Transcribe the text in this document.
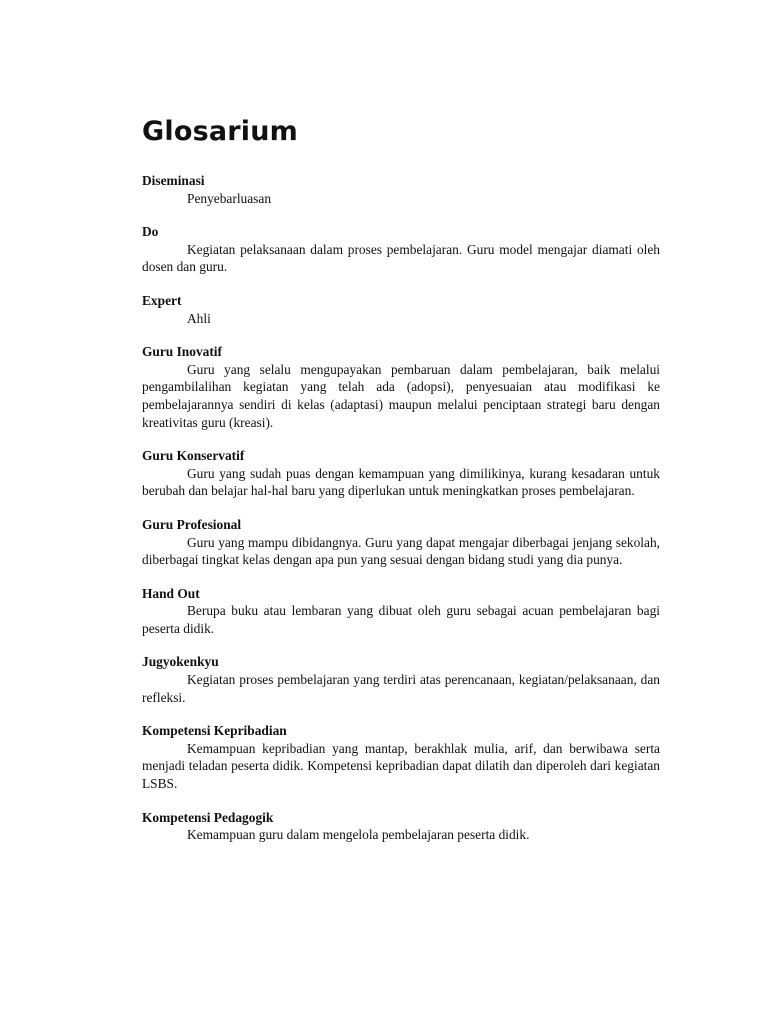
Glosarium

Diseminasi

Penyebarluasan

Do

Kegiatan pelaksanaan dalam proses pembelajaran. Guru model mengajar diamati oleh dosen dan guru.

Expert

Ahli

Guru Inovatif

Guru yang selalu mengupayakan pembaruan dalam pembelajaran, baik melalui pengambilalihan kegiatan yang telah ada (adopsi), penyesuaian atau modifikasi ke pembelajarannya sendiri di kelas (adaptasi) maupun melalui penciptaan strategi baru dengan kreativitas guru (kreasi).

Guru Konservatif

Guru yang sudah puas dengan kemampuan yang dimilikinya, kurang kesadaran untuk berubah dan belajar hal-hal baru yang diperlukan untuk meningkatkan proses pembelajaran.

Guru Profesional

Guru yang mampu dibidangnya. Guru yang dapat mengajar diberbagai jenjang sekolah, diberbagai tingkat kelas dengan apa pun yang sesuai dengan bidang studi yang dia punya.

Hand Out

Berupa buku atau lembaran yang dibuat oleh guru sebagai acuan pembelajaran bagi peserta didik.

Jugyokenkyu

Kegiatan proses pembelajaran yang terdiri atas perencanaan, kegiatan/pelaksanaan, dan refleksi.

Kompetensi Kepribadian

Kemampuan kepribadian yang mantap, berakhlak mulia, arif, dan berwibawa serta menjadi teladan peserta didik. Kompetensi kepribadian dapat dilatih dan diperoleh dari kegiatan LSBS.

Kompetensi Pedagogik

Kemampuan guru dalam mengelola pembelajaran peserta didik.
